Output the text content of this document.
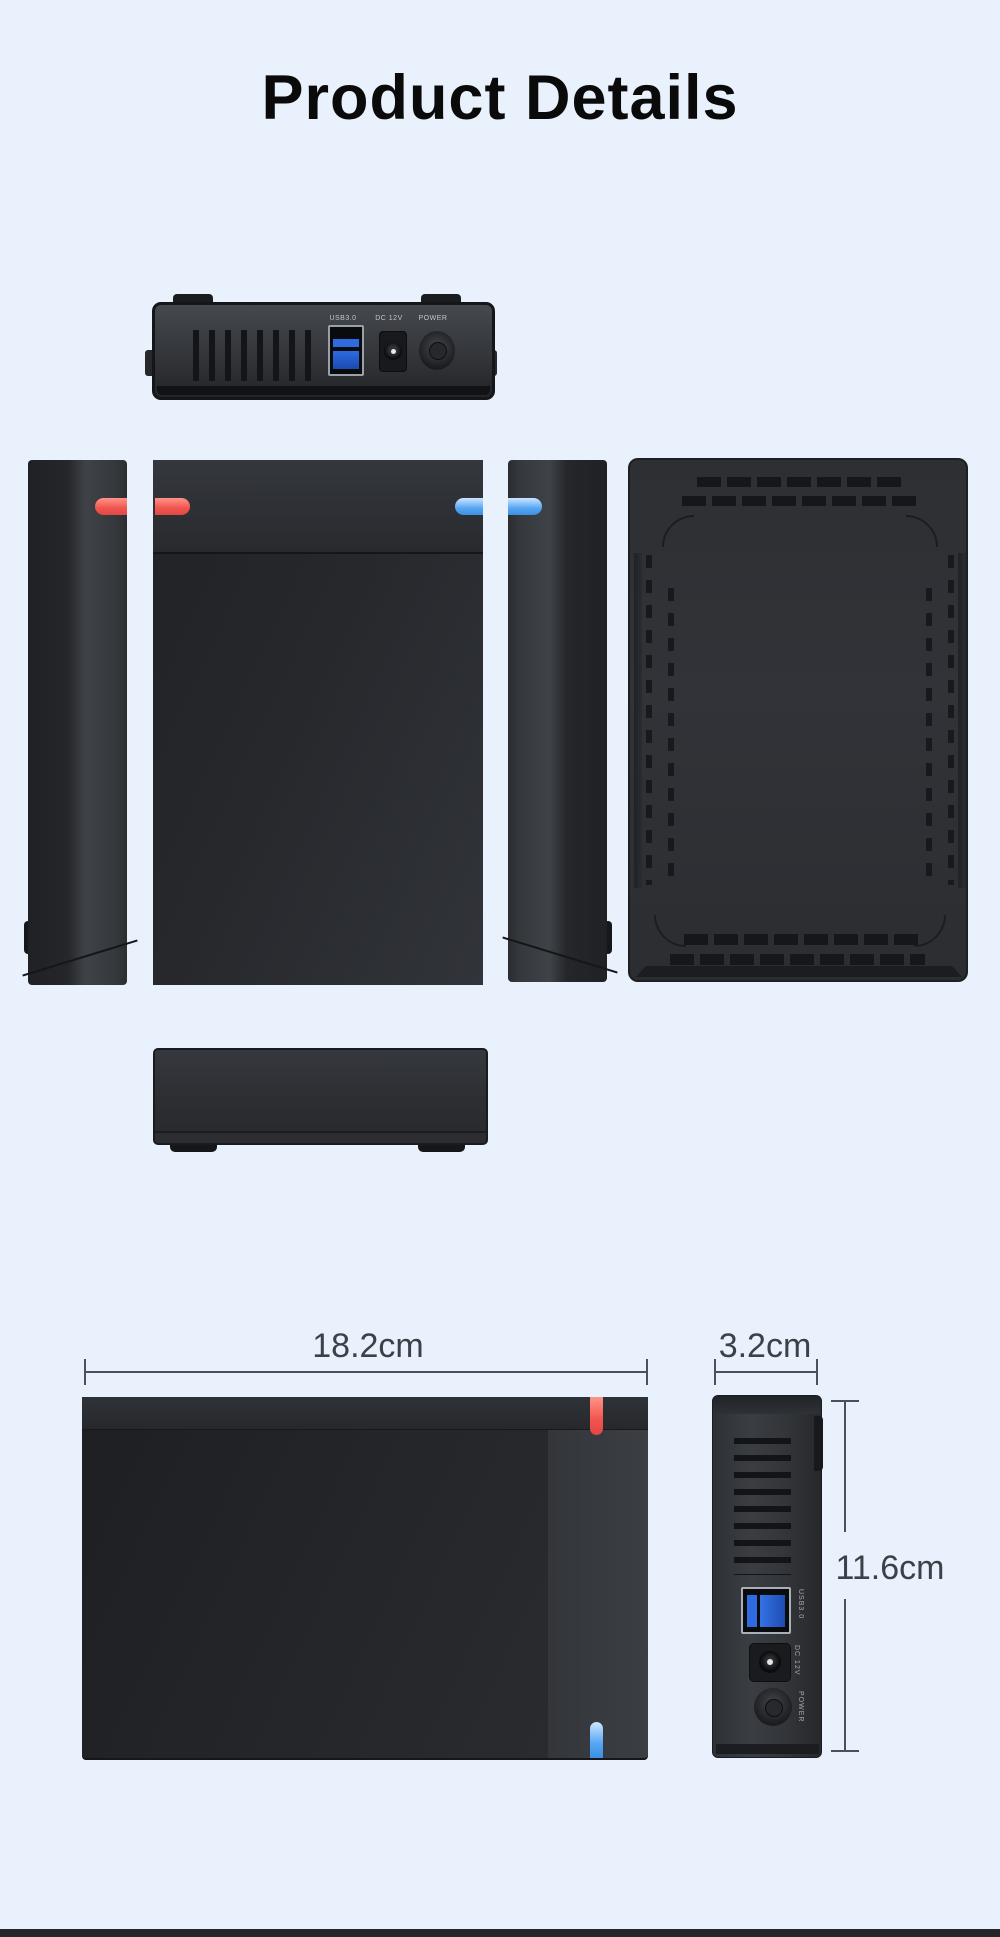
Product Details
USB3.0	DC 12V	POWER
18.2cm	3.2cm
11.6cm
USB3.0
DC 12V
POWER
